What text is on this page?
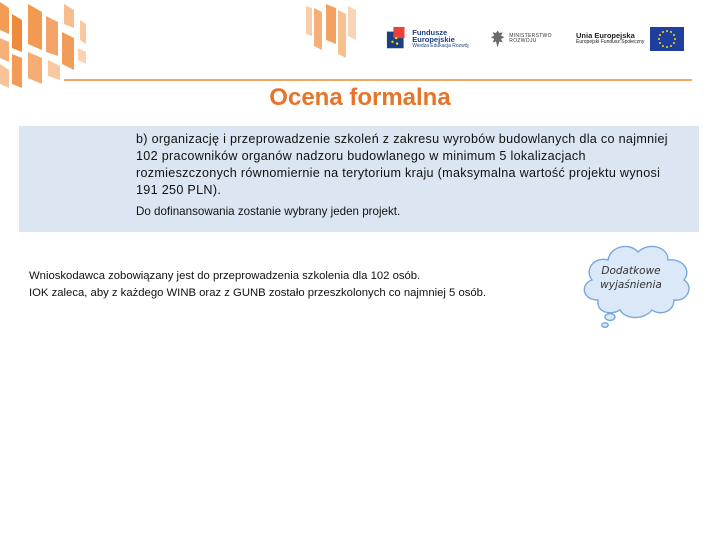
Fundusze Europejskie
Wiedza Edukacja Rozwój
MINISTERSTWO ROZWOJU
Unia Europejska
Europejski Fundusz Społeczny
Ocena formalna

b) organizację i przeprowadzenie szkoleń z zakresu wyrobów budowlanych dla co najmniej 102 pracowników organów nadzoru budowlanego w minimum 5 lokalizacjach rozmieszczonych równomiernie na terytorium kraju (maksymalna wartość projektu wynosi 191 250 PLN).

Do dofinansowania zostanie wybrany jeden projekt.

Wnioskodawca zobowiązany jest do przeprowadzenia szkolenia dla 102 osób.

IOK zaleca, aby z każdego WINB oraz z GUNB zostało przeszkolonych co najmniej 5 osób.

Dodatkowe
wyjaśnienia
